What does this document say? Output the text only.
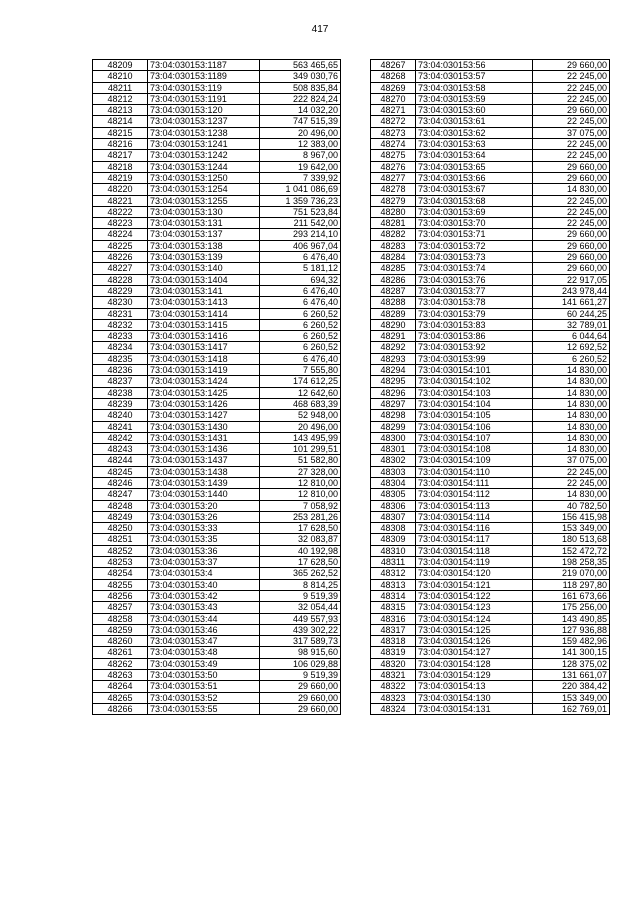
417
48209	73:04:030153:1187	563 465,65
48210	73:04:030153:1189	349 030,76
48211	73:04:030153:119	508 835,84
48212	73:04:030153:1191	222 824,24
48213	73:04:030153:120	14 032,20
48214	73:04:030153:1237	747 515,39
48215	73:04:030153:1238	20 496,00
48216	73:04:030153:1241	12 383,00
48217	73:04:030153:1242	8 967,00
48218	73:04:030153:1244	19 642,00
48219	73:04:030153:1250	7 339,92
48220	73:04:030153:1254	1 041 086,69
48221	73:04:030153:1255	1 359 736,23
48222	73:04:030153:130	751 523,84
48223	73:04:030153:131	211 542,00
48224	73:04:030153:137	293 214,10
48225	73:04:030153:138	406 967,04
48226	73:04:030153:139	6 476,40
48227	73:04:030153:140	5 181,12
48228	73:04:030153:1404	694,32
48229	73:04:030153:141	6 476,40
48230	73:04:030153:1413	6 476,40
48231	73:04:030153:1414	6 260,52
48232	73:04:030153:1415	6 260,52
48233	73:04:030153:1416	6 260,52
48234	73:04:030153:1417	6 260,52
48235	73:04:030153:1418	6 476,40
48236	73:04:030153:1419	7 555,80
48237	73:04:030153:1424	174 612,25
48238	73:04:030153:1425	12 642,60
48239	73:04:030153:1426	468 683,39
48240	73:04:030153:1427	52 948,00
48241	73:04:030153:1430	20 496,00
48242	73:04:030153:1431	143 495,99
48243	73:04:030153:1436	101 299,51
48244	73:04:030153:1437	51 582,80
48245	73:04:030153:1438	27 328,00
48246	73:04:030153:1439	12 810,00
48247	73:04:030153:1440	12 810,00
48248	73:04:030153:20	7 058,92
48249	73:04:030153:26	253 281,26
48250	73:04:030153:33	17 628,50
48251	73:04:030153:35	32 083,87
48252	73:04:030153:36	40 192,98
48253	73:04:030153:37	17 628,50
48254	73:04:030153:4	365 262,52
48255	73:04:030153:40	8 814,25
48256	73:04:030153:42	9 519,39
48257	73:04:030153:43	32 054,44
48258	73:04:030153:44	449 557,93
48259	73:04:030153:46	439 302,22
48260	73:04:030153:47	317 589,73
48261	73:04:030153:48	98 915,60
48262	73:04:030153:49	106 029,88
48263	73:04:030153:50	9 519,39
48264	73:04:030153:51	29 660,00
48265	73:04:030153:52	29 660,00
48266	73:04:030153:55	29 660,00
48267	73:04:030153:56	29 660,00
48268	73:04:030153:57	22 245,00
48269	73:04:030153:58	22 245,00
48270	73:04:030153:59	22 245,00
48271	73:04:030153:60	29 660,00
48272	73:04:030153:61	22 245,00
48273	73:04:030153:62	37 075,00
48274	73:04:030153:63	22 245,00
48275	73:04:030153:64	22 245,00
48276	73:04:030153:65	29 660,00
48277	73:04:030153:66	29 660,00
48278	73:04:030153:67	14 830,00
48279	73:04:030153:68	22 245,00
48280	73:04:030153:69	22 245,00
48281	73:04:030153:70	22 245,00
48282	73:04:030153:71	29 660,00
48283	73:04:030153:72	29 660,00
48284	73:04:030153:73	29 660,00
48285	73:04:030153:74	29 660,00
48286	73:04:030153:76	22 917,05
48287	73:04:030153:77	243 978,44
48288	73:04:030153:78	141 661,27
48289	73:04:030153:79	60 244,25
48290	73:04:030153:83	32 789,01
48291	73:04:030153:86	6 044,64
48292	73:04:030153:92	12 692,52
48293	73:04:030153:99	6 260,52
48294	73:04:030154:101	14 830,00
48295	73:04:030154:102	14 830,00
48296	73:04:030154:103	14 830,00
48297	73:04:030154:104	14 830,00
48298	73:04:030154:105	14 830,00
48299	73:04:030154:106	14 830,00
48300	73:04:030154:107	14 830,00
48301	73:04:030154:108	14 830,00
48302	73:04:030154:109	37 075,00
48303	73:04:030154:110	22 245,00
48304	73:04:030154:111	22 245,00
48305	73:04:030154:112	14 830,00
48306	73:04:030154:113	40 782,50
48307	73:04:030154:114	156 415,98
48308	73:04:030154:116	153 349,00
48309	73:04:030154:117	180 513,68
48310	73:04:030154:118	152 472,72
48311	73:04:030154:119	198 258,35
48312	73:04:030154:120	219 070,00
48313	73:04:030154:121	118 297,80
48314	73:04:030154:122	161 673,66
48315	73:04:030154:123	175 256,00
48316	73:04:030154:124	143 490,85
48317	73:04:030154:125	127 936,88
48318	73:04:030154:126	159 482,96
48319	73:04:030154:127	141 300,15
48320	73:04:030154:128	128 375,02
48321	73:04:030154:129	131 661,07
48322	73:04:030154:13	220 384,42
48323	73:04:030154:130	153 349,00
48324	73:04:030154:131	162 769,01
